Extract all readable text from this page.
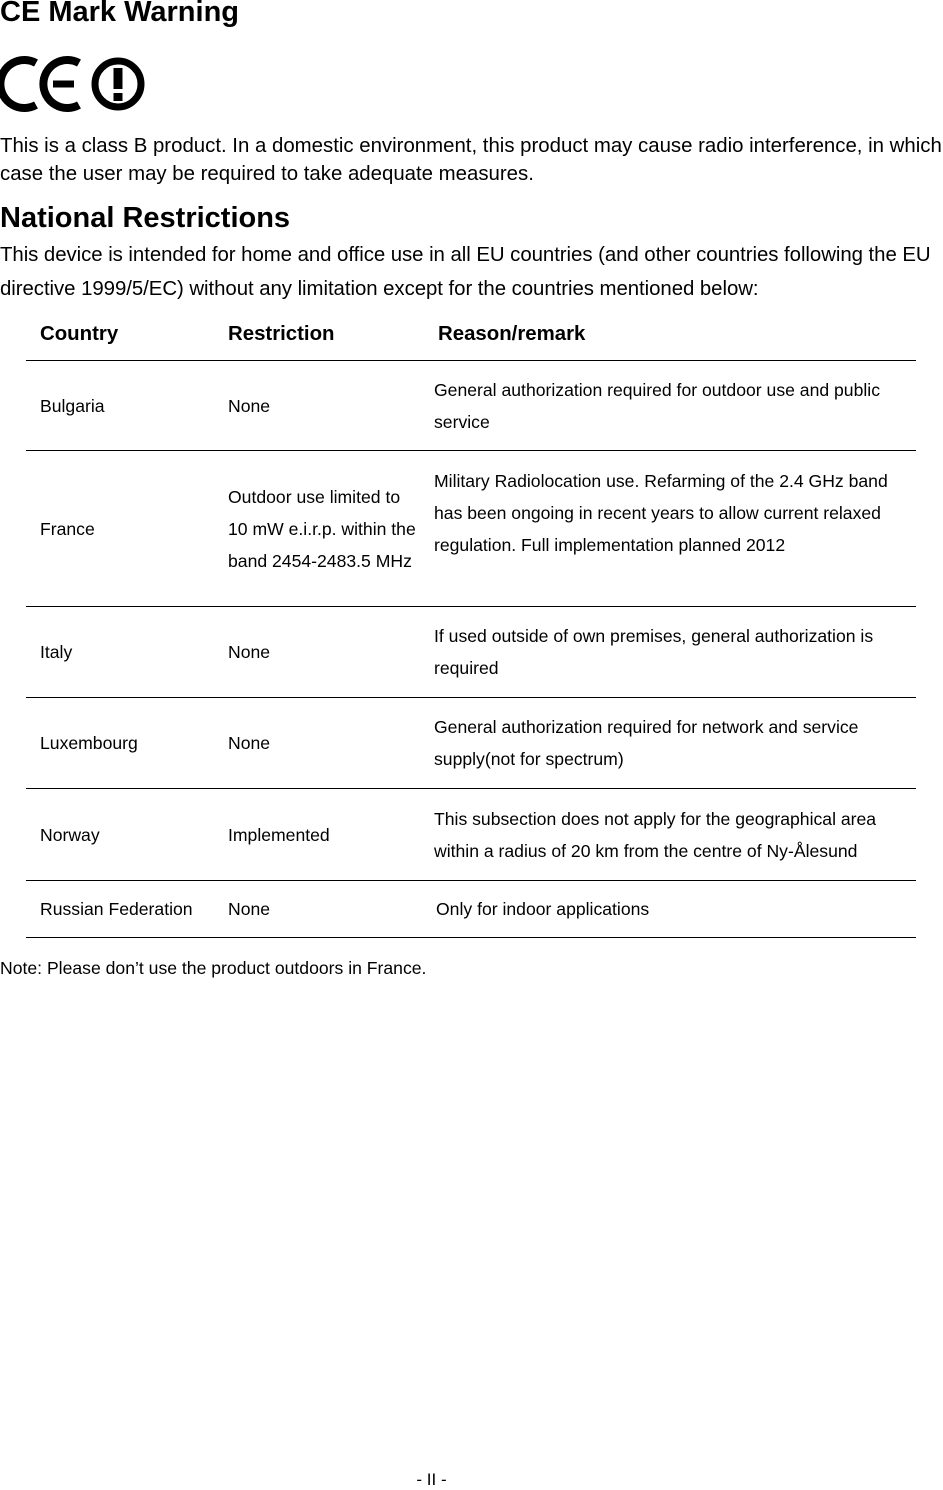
CE Mark Warning

This is a class B product. In a domestic environment, this product may cause radio interference, in which case the user may be required to take adequate measures.

National Restrictions

This device is intended for home and office use in all EU countries (and other countries following the EU directive 1999/5/EC) without any limitation except for the countries mentioned below:

Country	Restriction	Reason/remark
Bulgaria	None	General authorization required for outdoor use and public service
France	Outdoor use limited to 10 mW e.i.r.p. within the band 2454-2483.5 MHz	Military Radiolocation use. Refarming of the 2.4 GHz band has been ongoing in recent years to allow current relaxed regulation. Full implementation planned 2012
Italy	None	If used outside of own premises, general authorization is required
Luxembourg	None	General authorization required for network and service supply(not for spectrum)
Norway	Implemented	This subsection does not apply for the geographical area within a radius of 20 km from the centre of Ny-Ålesund
Russian Federation	None	Only for indoor applications

Note: Please don’t use the product outdoors in France.

- II -
